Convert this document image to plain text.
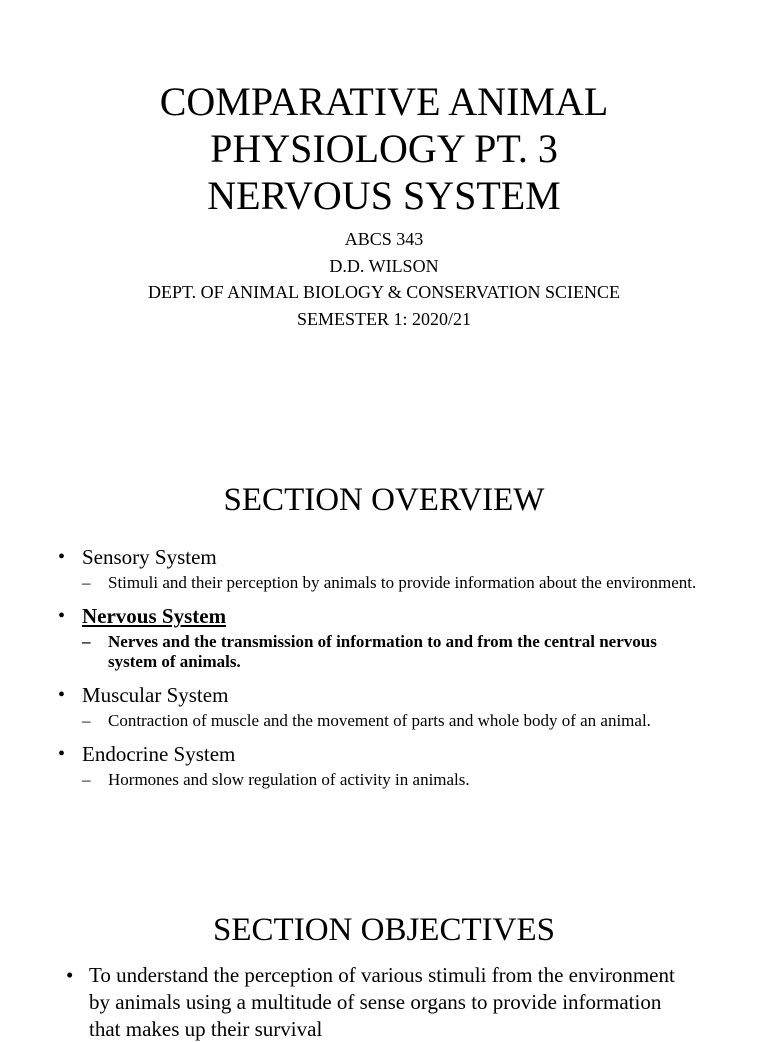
COMPARATIVE ANIMAL
PHYSIOLOGY PT. 3
NERVOUS SYSTEM
ABCS 343
D.D. WILSON
DEPT. OF ANIMAL BIOLOGY & CONSERVATION SCIENCE
SEMESTER 1: 2020/21
SECTION OVERVIEW
• Sensory System
– Stimuli and their perception by animals to provide information about the environment.
• Nervous System
– Nerves and the transmission of information to and from the central nervous system of animals.
• Muscular System
– Contraction of muscle and the movement of parts and whole body of an animal.
• Endocrine System
– Hormones and slow regulation of activity in animals.
SECTION OBJECTIVES
• To understand the perception of various stimuli from the environment by animals using a multitude of sense organs to provide information that makes up their survival
